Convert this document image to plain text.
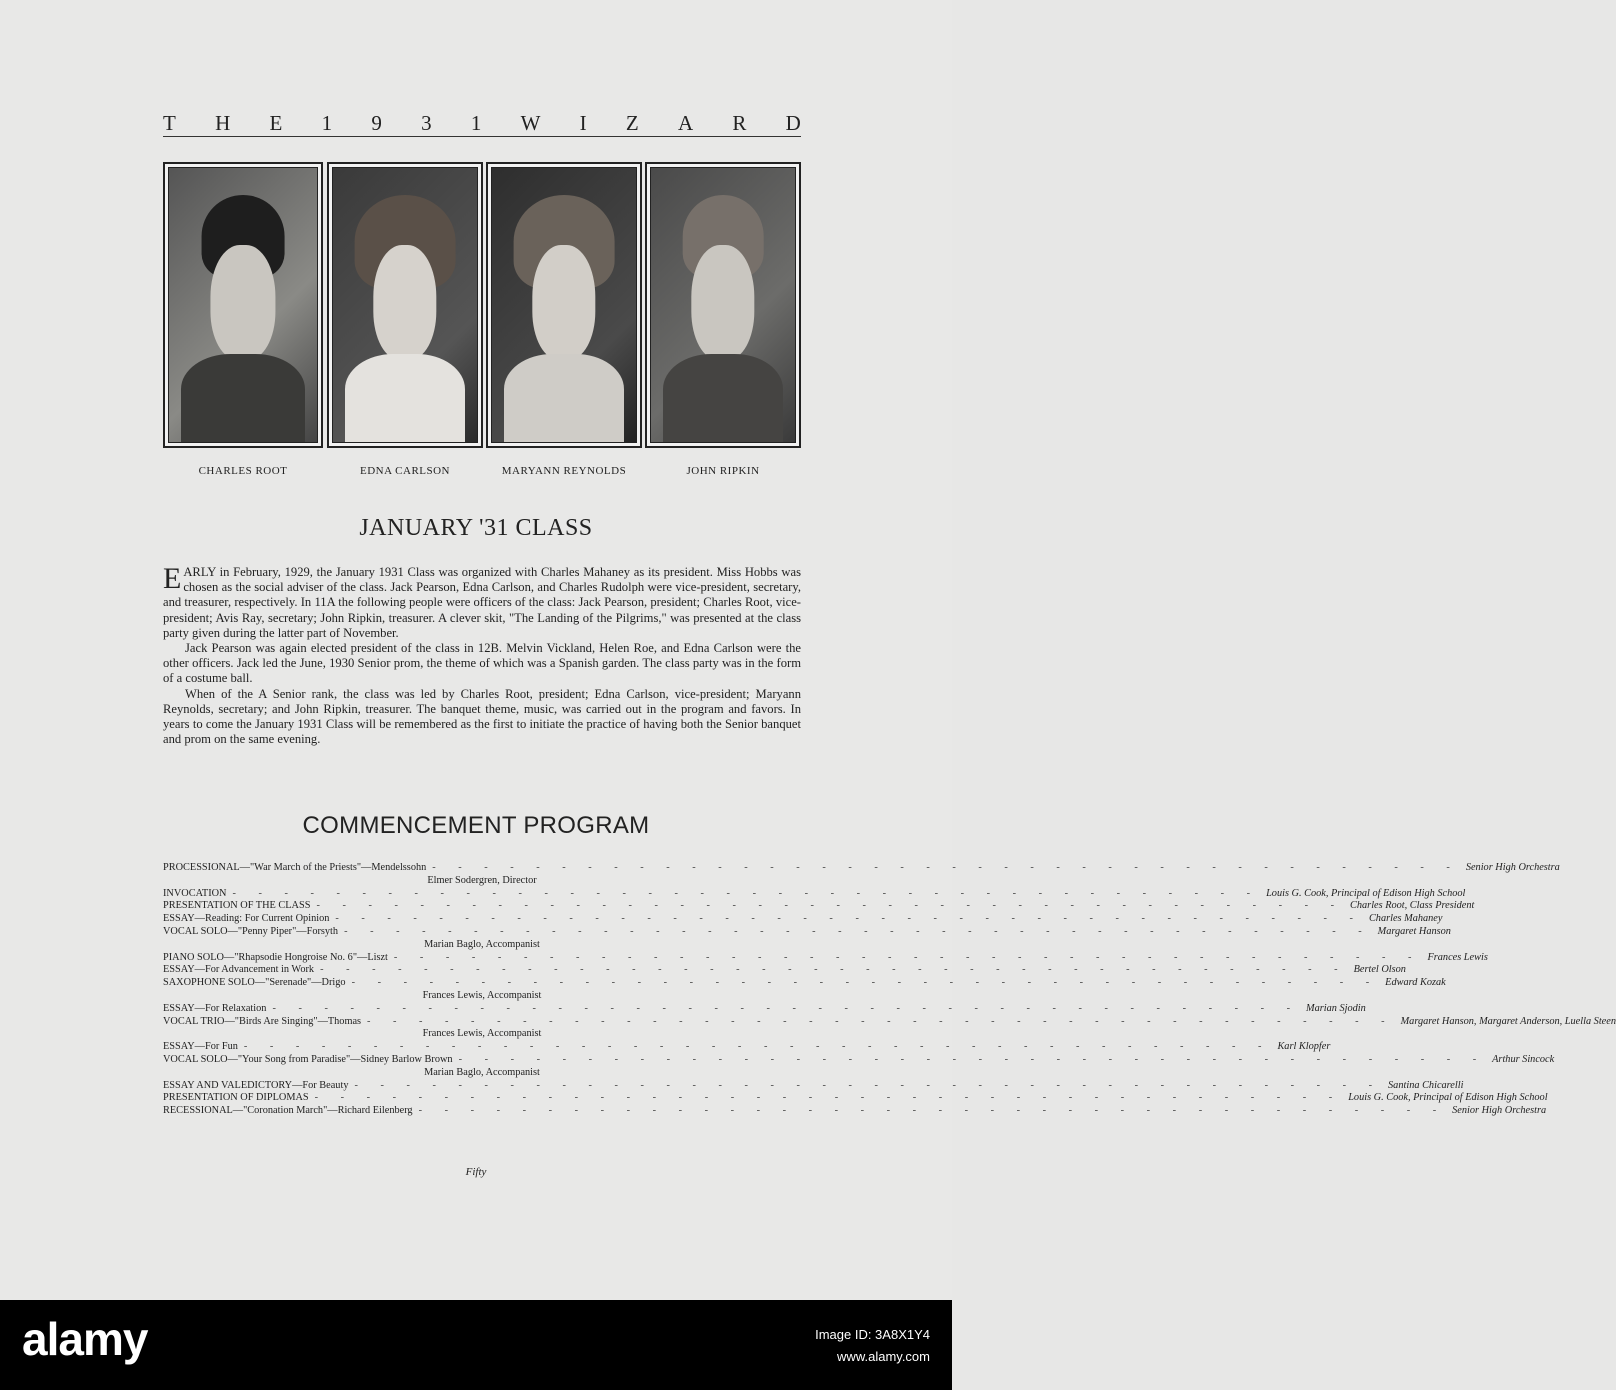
T H E 1 9 3 1 W I Z A R D
CHARLES ROOT	EDNA CARLSON	MARYANN REYNOLDS	JOHN RIPKIN
JANUARY '31 CLASS

EARLY in February, 1929, the January 1931 Class was organized with Charles Mahaney as its president. Miss Hobbs was chosen as the social adviser of the class. Jack Pearson, Edna Carlson, and Charles Rudolph were vice-president, secretary, and treasurer, respectively. In 11A the following people were officers of the class: Jack Pearson, president; Charles Root, vice-president; Avis Ray, secretary; John Ripkin, treasurer. A clever skit, "The Landing of the Pilgrims," was presented at the class party given during the latter part of November.

Jack Pearson was again elected president of the class in 12B. Melvin Vickland, Helen Roe, and Edna Carlson were the other officers. Jack led the June, 1930 Senior prom, the theme of which was a Spanish garden. The class party was in the form of a costume ball.

When of the A Senior rank, the class was led by Charles Root, president; Edna Carlson, vice-president; Maryann Reynolds, secretary; and John Ripkin, treasurer. The banquet theme, music, was carried out in the program and favors. In years to come the January 1931 Class will be remembered as the first to initiate the practice of having both the Senior banquet and prom on the same evening.

COMMENCEMENT PROGRAM
PROCESSIONAL—"War March of the Priests"—Mendelssohn - - - - - - - - - - - - - - - - - - - - - - - - - - - - - - - - - - - - - - - - Senior High Orchestra
Elmer Sodergren, Director
INVOCATION - - - - - - - - - - - - - - - - - - - - - - - - - - - - - - - - - - - - - - - - Louis G. Cook, Principal of Edison High School
PRESENTATION OF THE CLASS - - - - - - - - - - - - - - - - - - - - - - - - - - - - - - - - - - - - - - - - Charles Root, Class President
ESSAY—Reading: For Current Opinion - - - - - - - - - - - - - - - - - - - - - - - - - - - - - - - - - - - - - - - - Charles Mahaney
VOCAL SOLO—"Penny Piper"—Forsyth - - - - - - - - - - - - - - - - - - - - - - - - - - - - - - - - - - - - - - - - Margaret Hanson
Marian Baglo, Accompanist
PIANO SOLO—"Rhapsodie Hongroise No. 6"—Liszt - - - - - - - - - - - - - - - - - - - - - - - - - - - - - - - - - - - - - - - - Frances Lewis
ESSAY—For Advancement in Work - - - - - - - - - - - - - - - - - - - - - - - - - - - - - - - - - - - - - - - - Bertel Olson
SAXOPHONE SOLO—"Serenade"—Drigo - - - - - - - - - - - - - - - - - - - - - - - - - - - - - - - - - - - - - - - - Edward Kozak
Frances Lewis, Accompanist
ESSAY—For Relaxation - - - - - - - - - - - - - - - - - - - - - - - - - - - - - - - - - - - - - - - - Marian Sjodin
VOCAL TRIO—"Birds Are Singing"—Thomas - - - - - - - - - - - - - - - - - - - - - - - - - - - - - - - - - - - - - - - - Margaret Hanson, Margaret Anderson, Luella Steen
Frances Lewis, Accompanist
ESSAY—For Fun - - - - - - - - - - - - - - - - - - - - - - - - - - - - - - - - - - - - - - - - Karl Klopfer
VOCAL SOLO—"Your Song from Paradise"—Sidney Barlow Brown - - - - - - - - - - - - - - - - - - - - - - - - - - - - - - - - - - - - - - - - Arthur Sincock
Marian Baglo, Accompanist
ESSAY AND VALEDICTORY—For Beauty - - - - - - - - - - - - - - - - - - - - - - - - - - - - - - - - - - - - - - - - Santina Chicarelli
PRESENTATION OF DIPLOMAS - - - - - - - - - - - - - - - - - - - - - - - - - - - - - - - - - - - - - - - - Louis G. Cook, Principal of Edison High School
RECESSIONAL—"Coronation March"—Richard Eilenberg - - - - - - - - - - - - - - - - - - - - - - - - - - - - - - - - - - - - - - - - Senior High Orchestra
Fifty
alamy	Image ID: 3A8X1Y4
www.alamy.com
